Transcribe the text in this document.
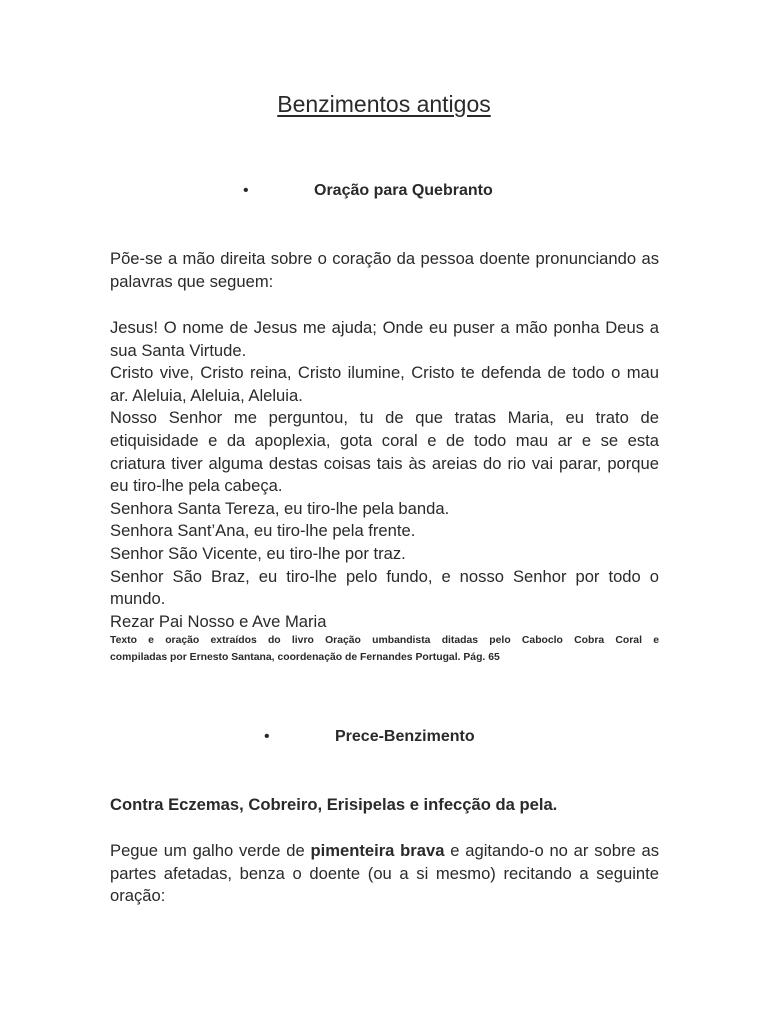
Benzimentos antigos
•	Oração para Quebranto
Põe-se a mão direita sobre o coração da pessoa doente pronunciando as
palavras que seguem:
Jesus! O nome de Jesus me ajuda; Onde eu puser a mão ponha Deus a
sua Santa Virtude.
Cristo vive, Cristo reina, Cristo ilumine, Cristo te defenda de todo o mau
ar. Aleluia, Aleluia, Aleluia.
Nosso Senhor me perguntou, tu de que tratas Maria, eu trato de
etiquisidade e da apoplexia, gota coral e de todo mau ar e se esta
criatura tiver alguma destas coisas tais às areias do rio vai parar, porque
eu tiro-lhe pela cabeça.
Senhora Santa Tereza, eu tiro-lhe pela banda.
Senhora Sant’Ana, eu tiro-lhe pela frente.
Senhor São Vicente, eu tiro-lhe por traz.
Senhor São Braz, eu tiro-lhe pelo fundo, e nosso Senhor por todo o
mundo.
Rezar Pai Nosso e Ave Maria
Texto e oração extraídos do livro Oração umbandista ditadas pelo Caboclo Cobra Coral e
compiladas por Ernesto Santana, coordenação de Fernandes Portugal. Pág. 65
•	Prece-Benzimento
Contra Eczemas, Cobreiro, Erisipelas e infecção da pela.
Pegue um galho verde de pimenteira brava e agitando-o no ar sobre as
partes afetadas, benza o doente (ou a si mesmo) recitando a seguinte
oração:
